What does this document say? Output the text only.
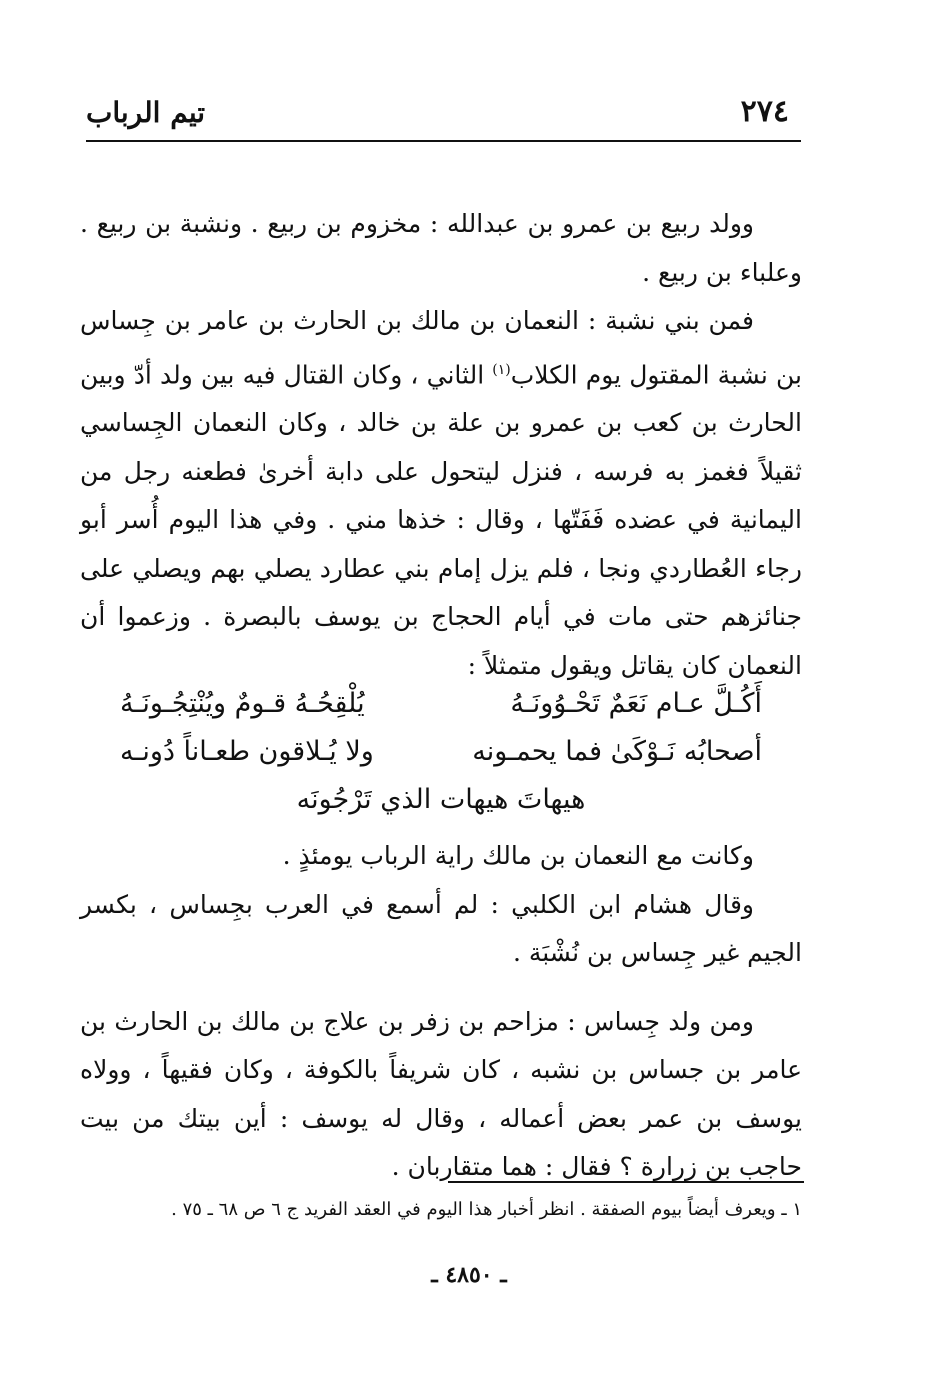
٢٧٤
تيم الرباب

وولد ربيع بن عمرو بن عبدالله : مخزوم بن ربيع . ونشبة بن ربيع . وعلباء بن ربيع .

فمن بني نشبة : النعمان بن مالك بن الحارث بن عامر بن جِساس بن نشبة المقتول يوم الكلاب$^{(١)}$ الثاني ، وكان القتال فيه بين ولد أدّ وبين الحارث بن كعب بن عمرو بن علة بن خالد ، وكان النعمان الجِساسي ثقيلاً فغمز به فرسه ، فنزل ليتحول على دابة أخرىٰ فطعنه رجل من اليمانية في عضده فَفَتّها ، وقال : خذها مني . وفي هذا اليوم أُسر أبو رجاء العُطاردي ونجا ، فلم يزل إمام بني عطارد يصلي بهم ويصلي على جنائزهم حتى مات في أيام الحجاج بن يوسف بالبصرة . وزعموا أن النعمان كان يقاتل ويقول متمثلاً :

أَكُـلَّ عـام نَعَمٌ تَحْـوُونَـهُ
يُلْقِحُـهُ قـومٌ ويُنْتِجُـونَـهُ
أصحابُه نَـوْكَىٰ فما يحمـونه
ولا يُـلاقون طعـاناً دُونـه
هيهاتَ هيهات الذي تَرْجُونَه

وكانت مع النعمان بن مالك راية الرباب يومئذٍ .

وقال هشام ابن الكلبي : لم أسمع في العرب بجِساس ، بكسر الجيم غير جِساس بن نُشْبَة .

ومن ولد جِساس : مزاحم بن زفر بن علاج بن مالك بن الحارث بن عامر بن جساس بن نشبه ، كان شريفاً بالكوفة ، وكان فقيهاً ، وولاه يوسف بن عمر بعض أعماله ، وقال له يوسف : أين بيتك من بيت حاجب بن زرارة ؟ فقال : هما متقاربان .

١ ـ ويعرف أيضاً بيوم الصفقة . انظر أخبار هذا اليوم في العقد الفريد ج ٦ ص ٦٨ ـ ٧٥ .
ـ ٤٨٥٠ ـ
